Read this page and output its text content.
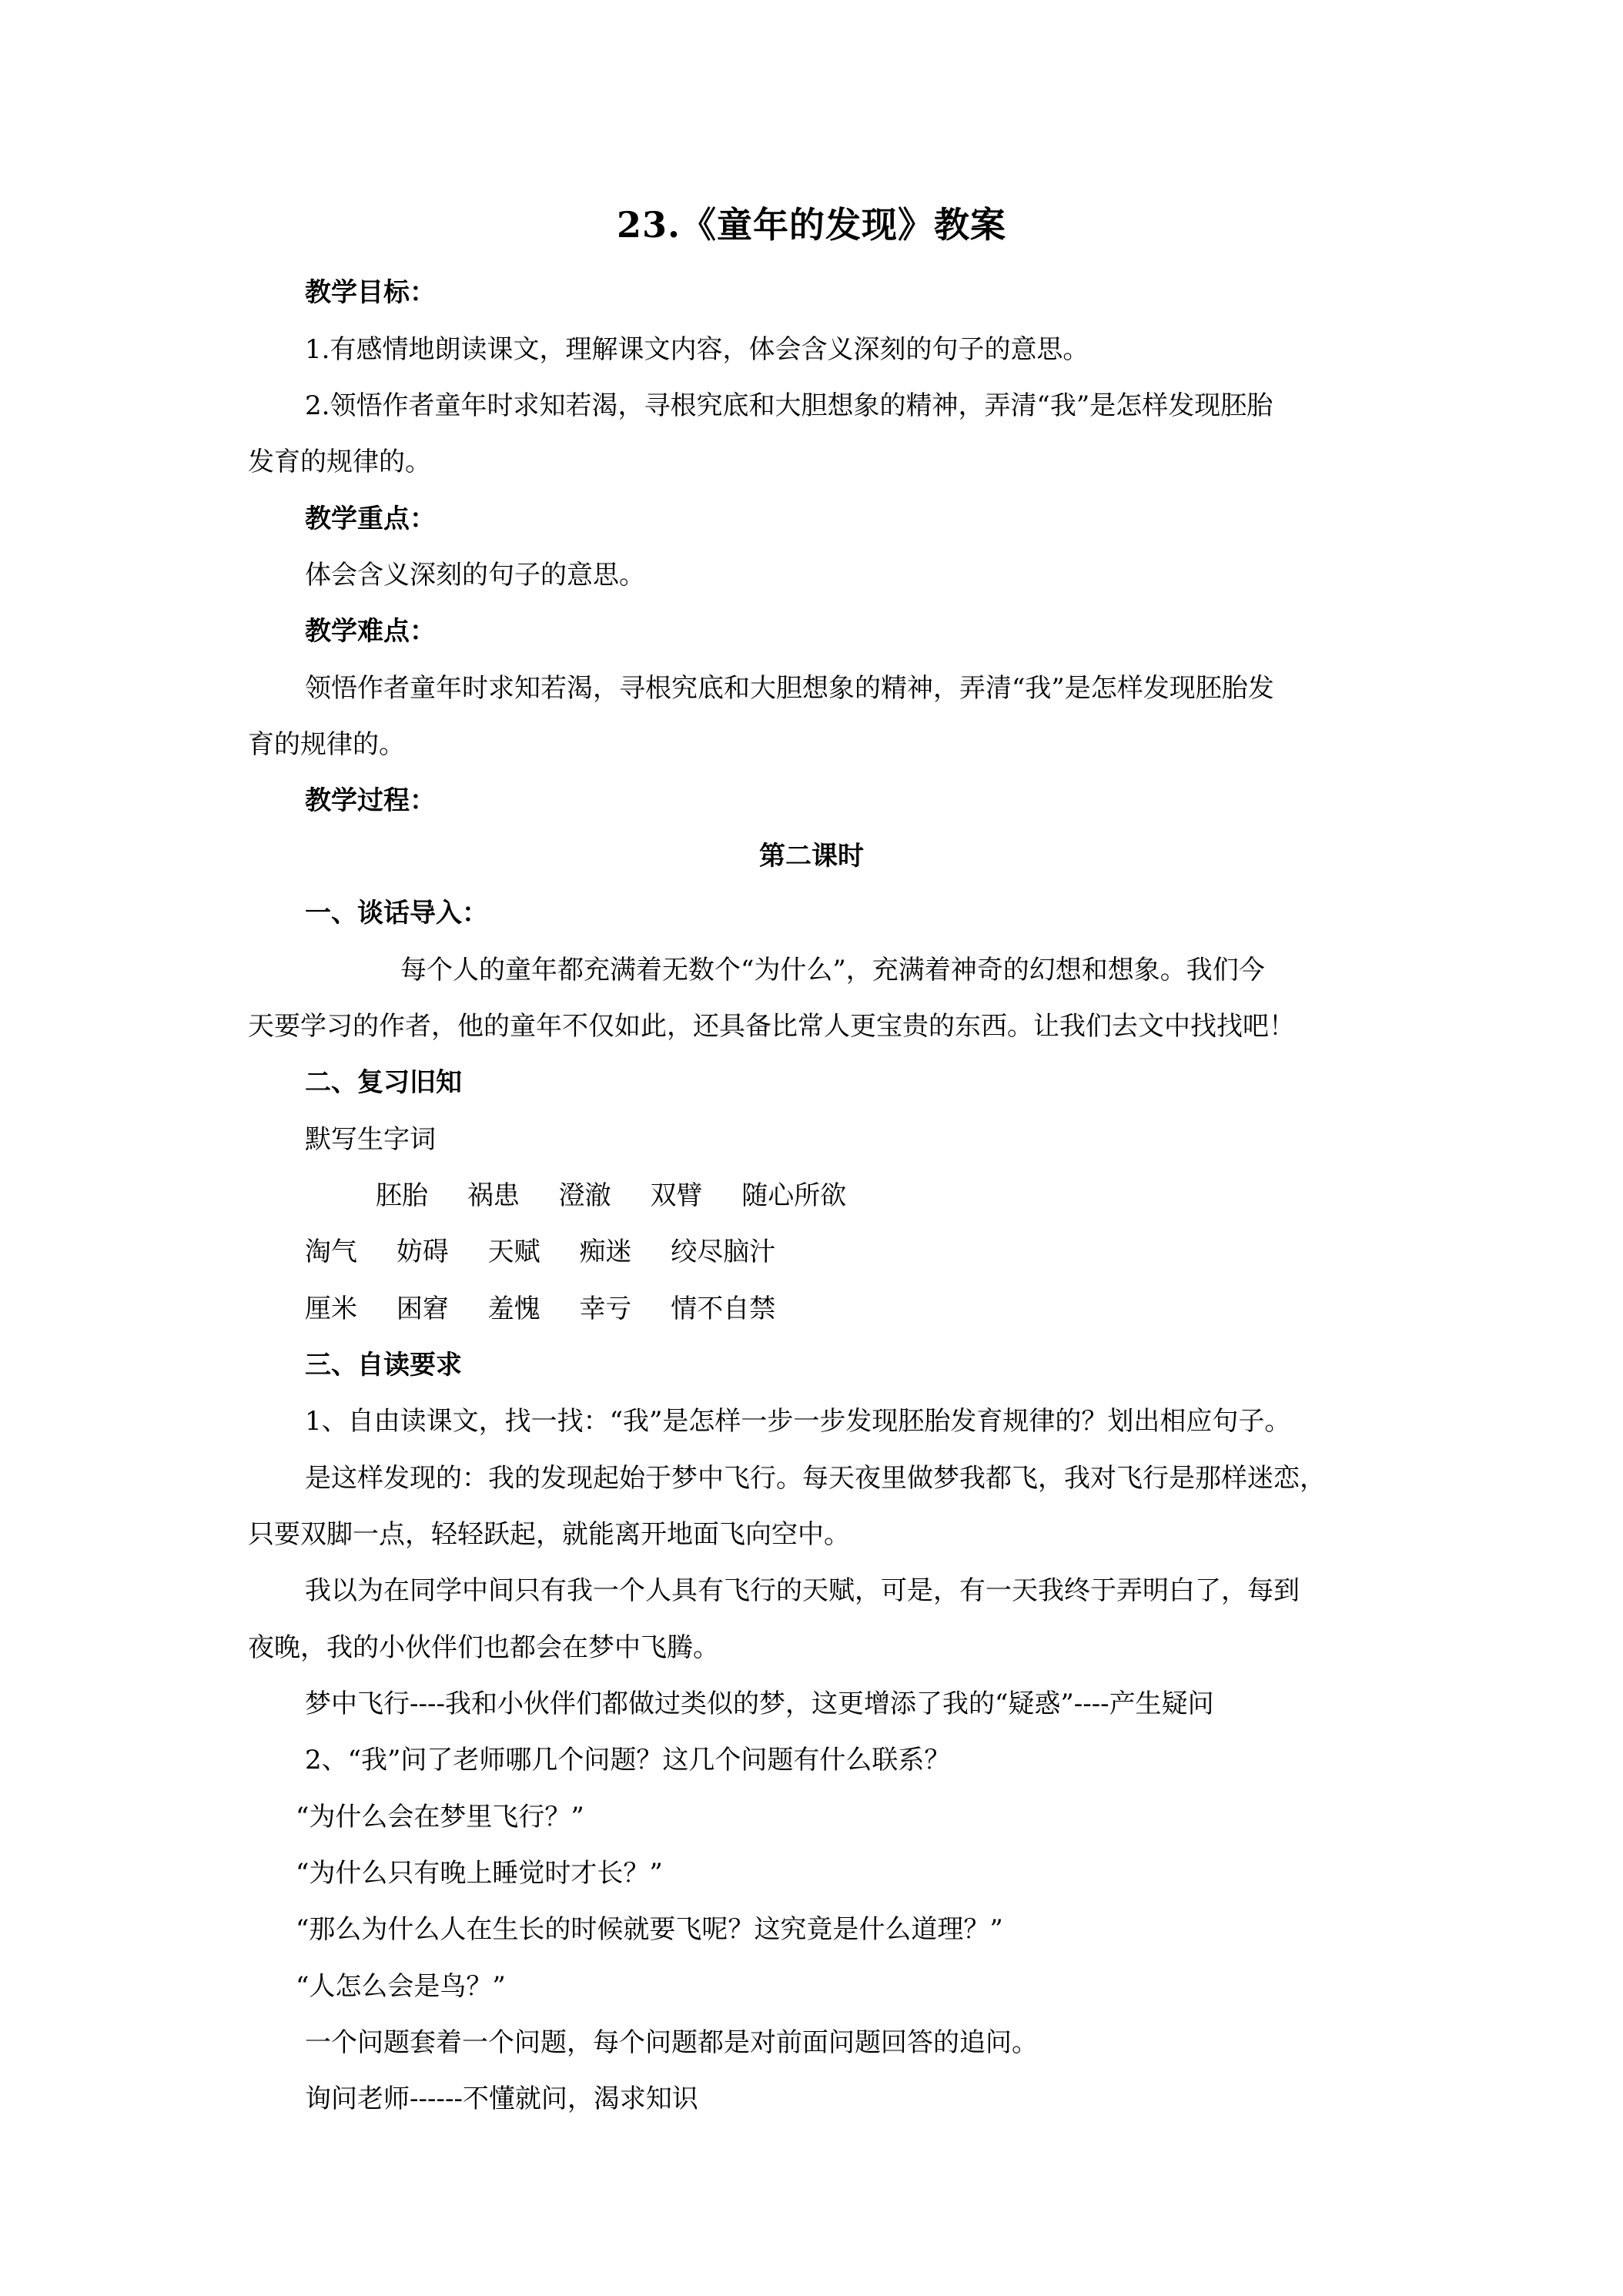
23.《童年的发现》教案
教学目标：
1.有感情地朗读课文，理解课文内容，体会含义深刻的句子的意思。
2.领悟作者童年时求知若渴，寻根究底和大胆想象的精神，弄清“我”是怎样发现胚胎
发育的规律的。
教学重点：
体会含义深刻的句子的意思。
教学难点：
领悟作者童年时求知若渴，寻根究底和大胆想象的精神，弄清“我”是怎样发现胚胎发
育的规律的。
教学过程：
第二课时
一、谈话导入：
每个人的童年都充满着无数个“为什么”，充满着神奇的幻想和想象。我们今
天要学习的作者，他的童年不仅如此，还具备比常人更宝贵的东西。让我们去文中找找吧！
二、复习旧知
默写生字词
胚胎 祸患 澄澈 双臂 随心所欲
淘气 妨碍 天赋 痴迷 绞尽脑汁
厘米 困窘 羞愧 幸亏 情不自禁
三、自读要求
1、自由读课文，找一找：“我”是怎样一步一步发现胚胎发育规律的？划出相应句子。
是这样发现的：我的发现起始于梦中飞行。每天夜里做梦我都飞，我对飞行是那样迷恋，
只要双脚一点，轻轻跃起，就能离开地面飞向空中。
我以为在同学中间只有我一个人具有飞行的天赋，可是，有一天我终于弄明白了，每到
夜晚，我的小伙伴们也都会在梦中飞腾。
梦中飞行----我和小伙伴们都做过类似的梦，这更增添了我的“疑惑”----产生疑问
2、“我”问了老师哪几个问题？这几个问题有什么联系？
“为什么会在梦里飞行？”
“为什么只有晚上睡觉时才长？”
“那么为什么人在生长的时候就要飞呢？这究竟是什么道理？”
“人怎么会是鸟？”
一个问题套着一个问题，每个问题都是对前面问题回答的追问。
询问老师------不懂就问，渴求知识
